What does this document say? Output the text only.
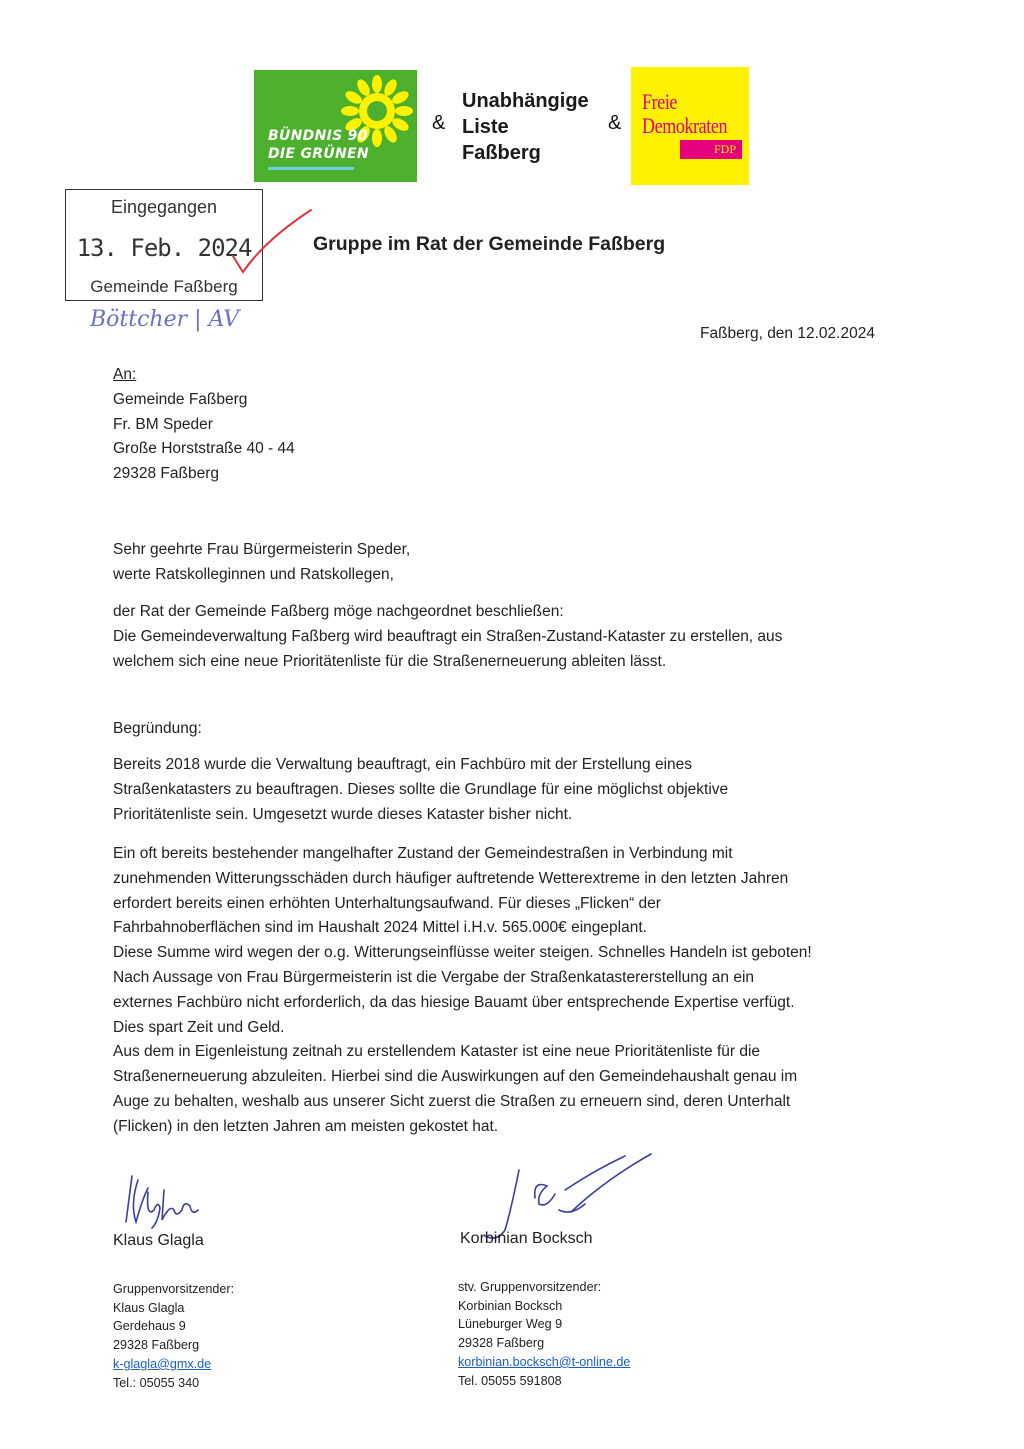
BÜNDNIS 90
DIE GRÜNEN
&
Unabhängige
Liste
Faßberg
&
Freie
Demokraten
FDP
Eingegangen
13. Feb. 2024
Gemeinde Faßberg
Böttcher | AV
Gruppe im Rat der Gemeinde Faßberg
Faßberg, den 12.02.2024
An:
Gemeinde Faßberg
Fr. BM Speder
Große Horststraße 40 - 44
29328 Faßberg
Sehr geehrte Frau Bürgermeisterin Speder,
werte Ratskolleginnen und Ratskollegen,
der Rat der Gemeinde Faßberg möge nachgeordnet beschließen:
Die Gemeindeverwaltung Faßberg wird beauftragt ein Straßen-Zustand-Kataster zu erstellen, aus
welchem sich eine neue Prioritätenliste für die Straßenerneuerung ableiten lässt.
Begründung:
Bereits 2018 wurde die Verwaltung beauftragt, ein Fachbüro mit der Erstellung eines
Straßenkatasters zu beauftragen. Dieses sollte die Grundlage für eine möglichst objektive
Prioritätenliste sein. Umgesetzt wurde dieses Kataster bisher nicht.
Ein oft bereits bestehender mangelhafter Zustand der Gemeindestraßen in Verbindung mit
zunehmenden Witterungsschäden durch häufiger auftretende Wetterextreme in den letzten Jahren
erfordert bereits einen erhöhten Unterhaltungsaufwand. Für dieses „Flicken“ der
Fahrbahnoberflächen sind im Haushalt 2024 Mittel i.H.v. 565.000€ eingeplant.
Diese Summe wird wegen der o.g. Witterungseinflüsse weiter steigen. Schnelles Handeln ist geboten!
Nach Aussage von Frau Bürgermeisterin ist die Vergabe der Straßenkatastererstellung an ein
externes Fachbüro nicht erforderlich, da das hiesige Bauamt über entsprechende Expertise verfügt.
Dies spart Zeit und Geld.
Aus dem in Eigenleistung zeitnah zu erstellendem Kataster ist eine neue Prioritätenliste für die
Straßenerneuerung abzuleiten. Hierbei sind die Auswirkungen auf den Gemeindehaushalt genau im
Auge zu behalten, weshalb aus unserer Sicht zuerst die Straßen zu erneuern sind, deren Unterhalt
(Flicken) in den letzten Jahren am meisten gekostet hat.
Klaus Glagla	Korbinian Bocksch
Gruppenvorsitzender:
Klaus Glagla
Gerdehaus 9
29328 Faßberg
k-glagla@gmx.de
Tel.: 05055 340
stv. Gruppenvorsitzender:
Korbinian Bocksch
Lüneburger Weg 9
29328 Faßberg
korbinian.bocksch@t-online.de
Tel. 05055 591808
